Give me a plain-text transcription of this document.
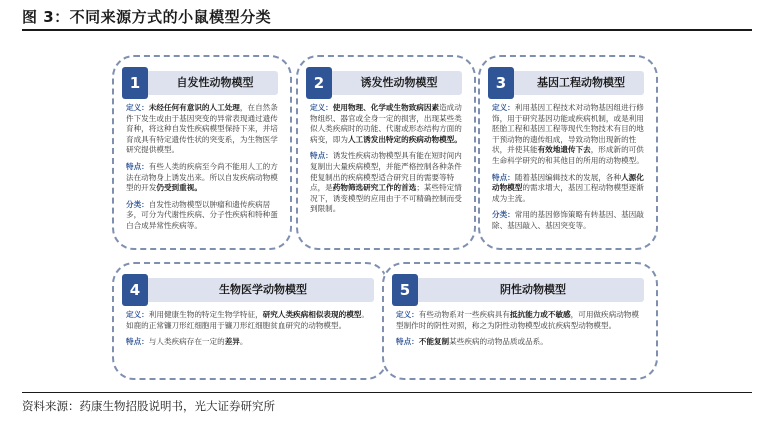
图 3：不同来源方式的小鼠模型分类
1	自发性动物模型
定义：未经任何有意识的人工处理，在自然条件下发生或由于基因突变的异常表现通过遗传育种，将这种自发性疾病模型保持下来，并培育成具有特定遗传性状的突变系，为生物医学研究提供模型。
特点：有些人类的疾病至今尚不能用人工的方法在动物身上诱发出来。所以自发疾病动物模型的开发仍受到重视。
分类：自发性动物模型以肿瘤和遗传疾病居多，可分为代谢性疾病、分子性疾病和特种蛋白合成异常性疾病等。
2	诱发性动物模型
定义：使用物理、化学或生物致病因素造成动物组织、器官或全身一定的损害，出现某些类似人类疾病时的功能、代谢或形态结构方面的病变，即为人工诱发出特定的疾病动物模型。
特点：诱发性疾病动物模型具有能在短时间内复制出大量疾病模型，并能严格控制各种条件使复制出的疾病模型适合研究目的需要等特点，是药物筛选研究工作的首选；某些特定情况下，诱变模型的应用由于不可精确控制而受到限制。
3	基因工程动物模型
定义：利用基因工程技术对动物基因组进行修饰，用于研究基因功能或疾病机制，或是利用胚胎工程和基因工程等现代生物技术有目的地干预动物的遗传组成，导致动物出现新的性状，并使其能有效地遗传下去，形成新的可供生命科学研究的和其他目的所用的动物模型。
特点：随着基因编辑技术的发展，各种人源化动物模型的需求增大，基因工程动物模型逐渐成为主流。
分类：常用的基因修饰策略有转基因、基因敲除、基因敲入、基因突变等。
4	生物医学动物模型
定义：利用健康生物的特定生物学特征，研究人类疾病相似表现的模型。如鹿的正常镰刀形红细胞用于镰刀形红细胞贫血研究的动物模型。
特点：与人类疾病存在一定的差异。
5	阴性动物模型
定义：有些动物系对一些疾病具有抵抗能力或不敏感，可用做疾病动物模型制作时的阴性对照，称之为阴性动物模型或抗疾病型动物模型。
特点：不能复制某些疾病的动物品质或品系。
资料来源：药康生物招股说明书，光大证券研究所
